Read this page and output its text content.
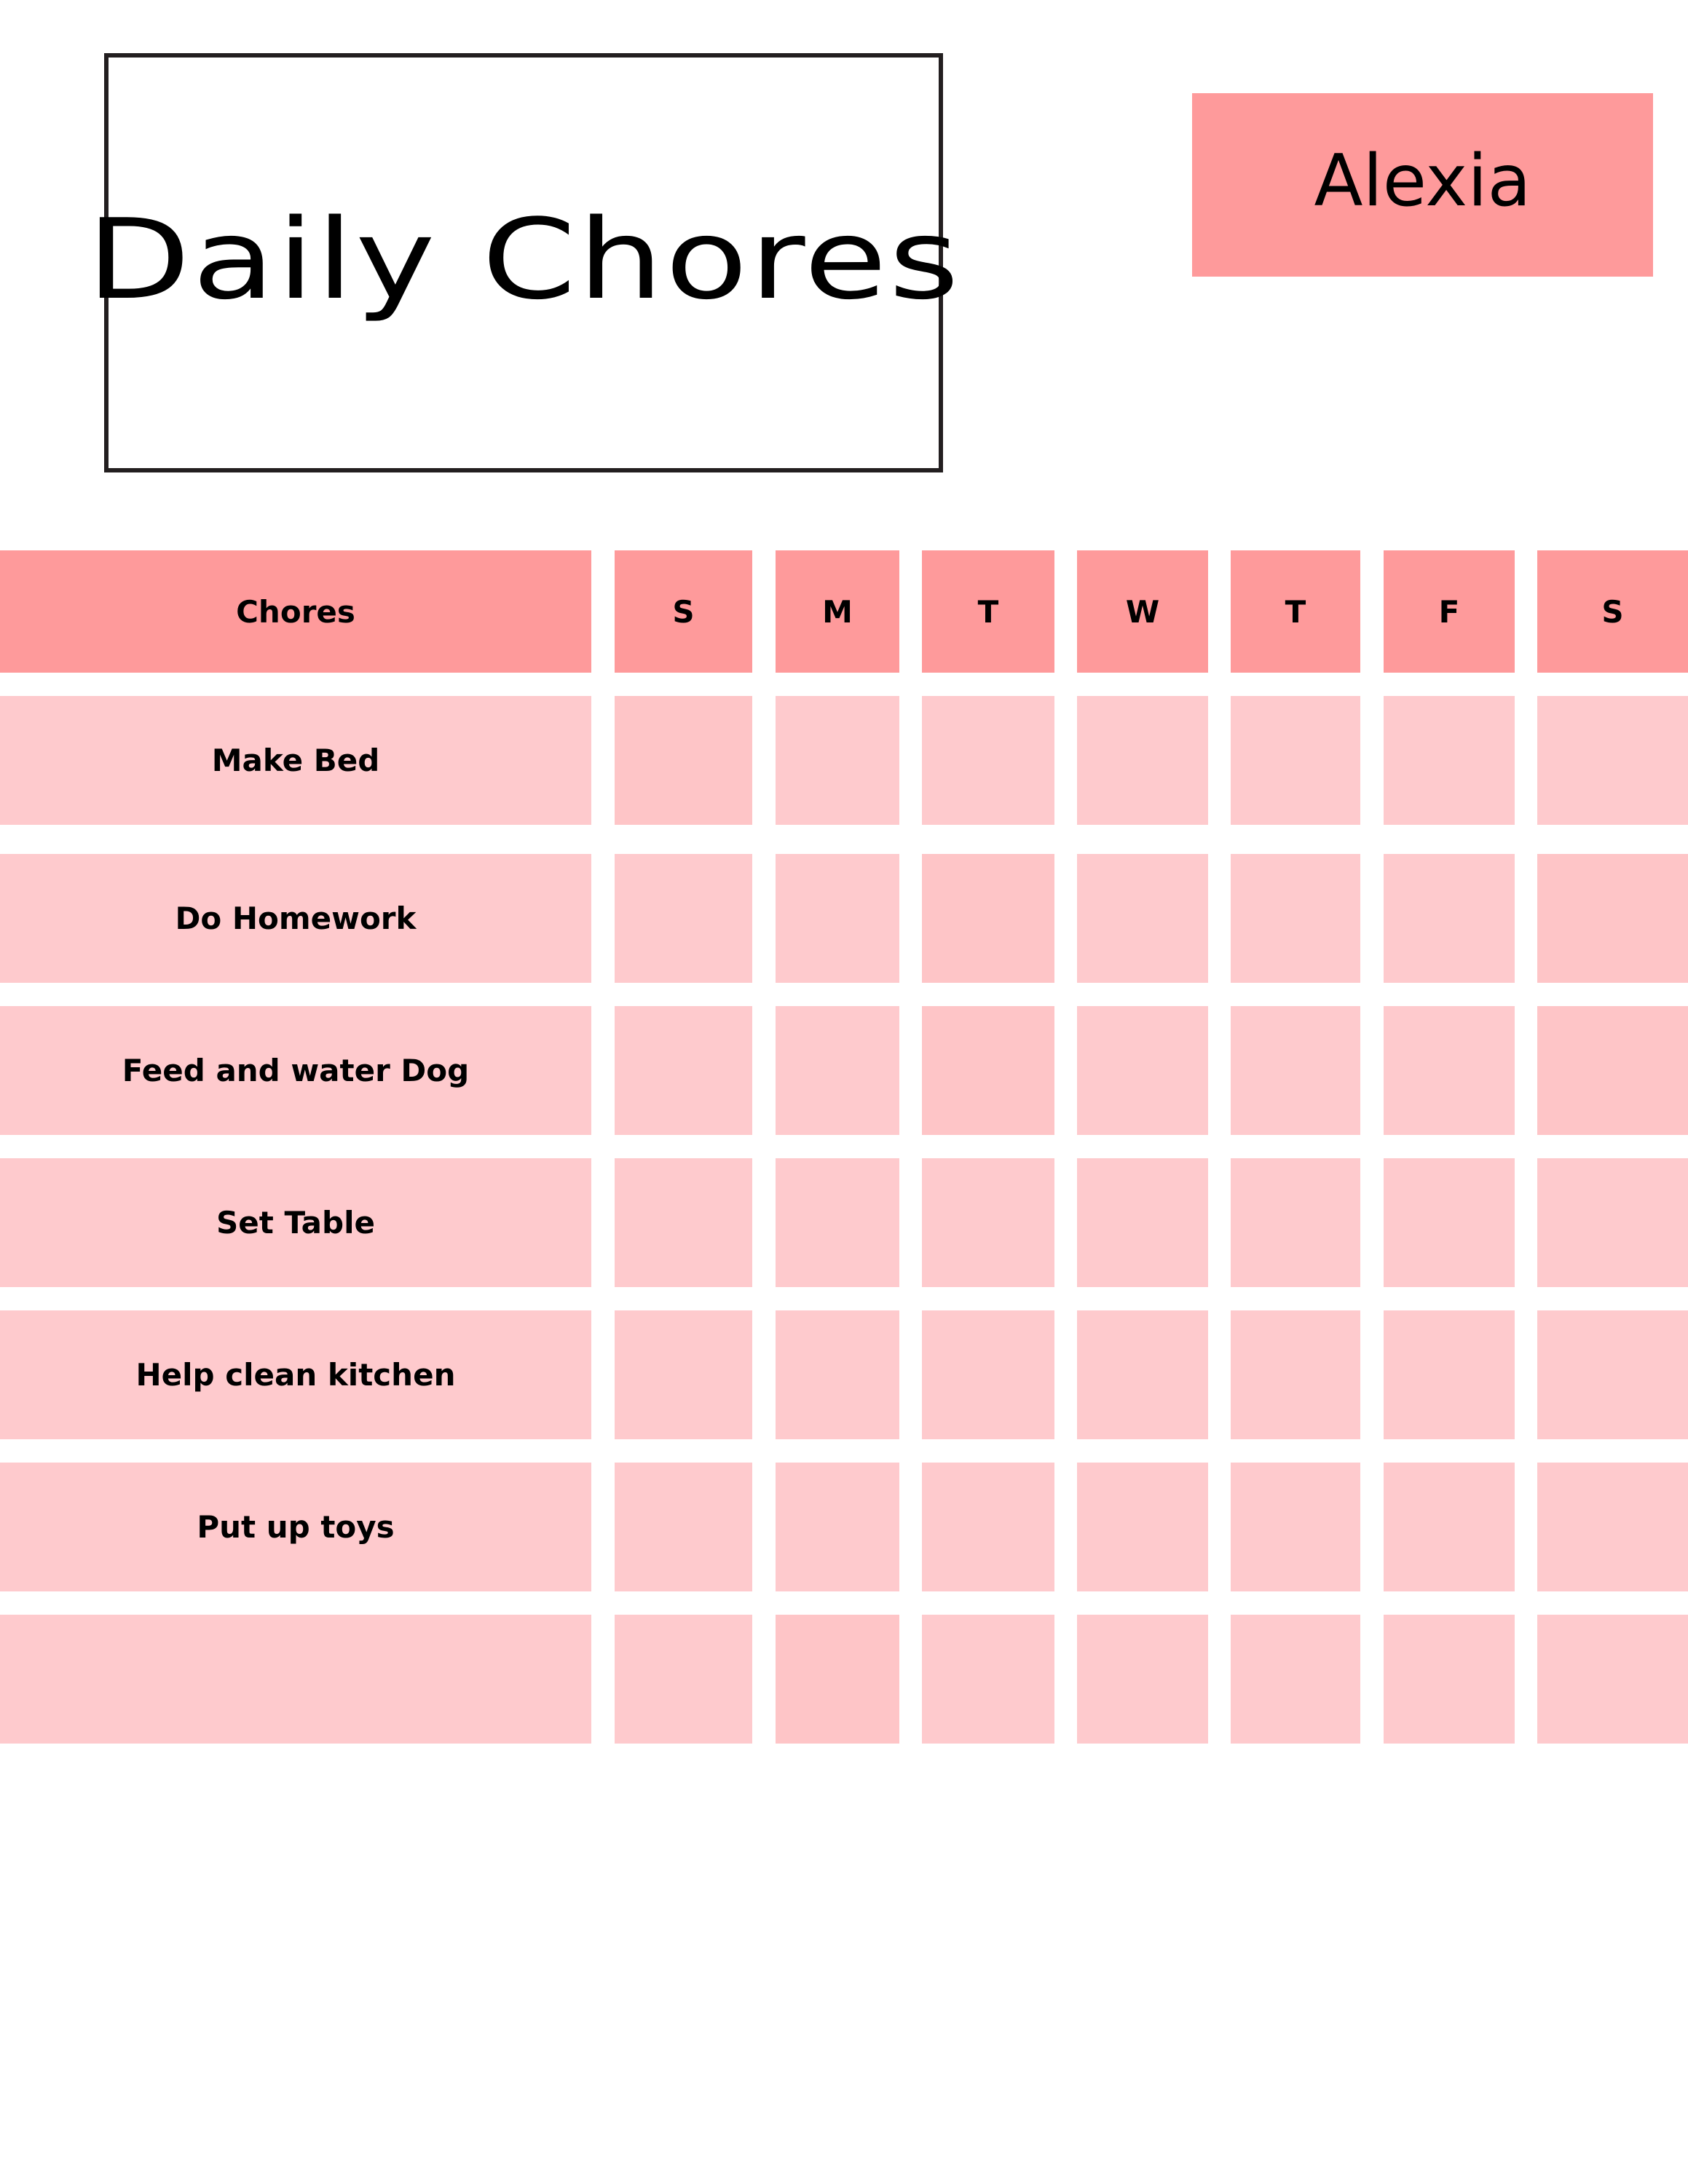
Daily Chores
Alexia
Chores	S	M	T	W	T	F	S
Make Bed
Do Homework
Feed and water Dog
Set Table
Help clean kitchen
Put up toys
